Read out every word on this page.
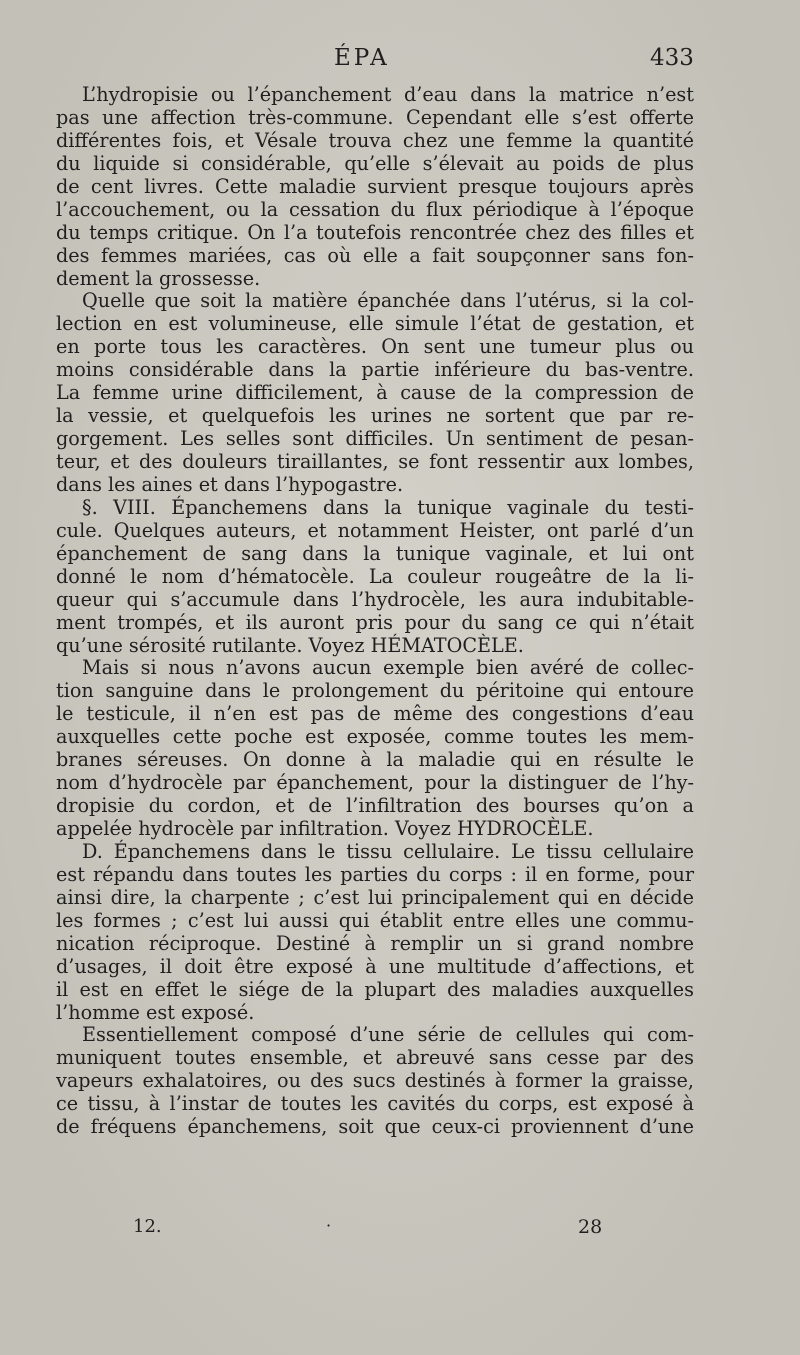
ÉPA	433
L’hydropisie ou l’épanchement d’eau dans la matrice n’est
pas une affection très-commune. Cependant elle s’est offerte
différentes fois, et Vésale trouva chez une femme la quantité
du liquide si considérable, qu’elle s’élevait au poids de plus
de cent livres. Cette maladie survient presque toujours après
l’accouchement, ou la cessation du flux périodique à l’époque
du temps critique. On l’a toutefois rencontrée chez des filles et
des femmes mariées, cas où elle a fait soupçonner sans fon-
dement la grossesse.
Quelle que soit la matière épanchée dans l’utérus, si la col-
lection en est volumineuse, elle simule l’état de gestation, et
en porte tous les caractères. On sent une tumeur plus ou
moins considérable dans la partie inférieure du bas-ventre.
La femme urine difficilement, à cause de la compression de
la vessie, et quelquefois les urines ne sortent que par re-
gorgement. Les selles sont difficiles. Un sentiment de pesan-
teur, et des douleurs tiraillantes, se font ressentir aux lombes,
dans les aines et dans l’hypogastre.
§. VIII. Épanchemens dans la tunique vaginale du testi-
cule. Quelques auteurs, et notamment Heister, ont parlé d’un
épanchement de sang dans la tunique vaginale, et lui ont
donné le nom d’hématocèle. La couleur rougeâtre de la li-
queur qui s’accumule dans l’hydrocèle, les aura indubitable-
ment trompés, et ils auront pris pour du sang ce qui n’était
qu’une sérosité rutilante. Voyez HÉMATOCÈLE.
Mais si nous n’avons aucun exemple bien avéré de collec-
tion sanguine dans le prolongement du péritoine qui entoure
le testicule, il n’en est pas de même des congestions d’eau
auxquelles cette poche est exposée, comme toutes les mem-
branes séreuses. On donne à la maladie qui en résulte le
nom d’hydrocèle par épanchement, pour la distinguer de l’hy-
dropisie du cordon, et de l’infiltration des bourses qu’on a
appelée hydrocèle par infiltration. Voyez HYDROCÈLE.
D. Épanchemens dans le tissu cellulaire. Le tissu cellulaire
est répandu dans toutes les parties du corps : il en forme, pour
ainsi dire, la charpente ; c’est lui principalement qui en décide
les formes ; c’est lui aussi qui établit entre elles une commu-
nication réciproque. Destiné à remplir un si grand nombre
d’usages, il doit être exposé à une multitude d’affections, et
il est en effet le siége de la plupart des maladies auxquelles
l’homme est exposé.
Essentiellement composé d’une série de cellules qui com-
muniquent toutes ensemble, et abreuvé sans cesse par des
vapeurs exhalatoires, ou des sucs destinés à former la graisse,
ce tissu, à l’instar de toutes les cavités du corps, est exposé à
de fréquens épanchemens, soit que ceux-ci proviennent d’une
12.	·	28
